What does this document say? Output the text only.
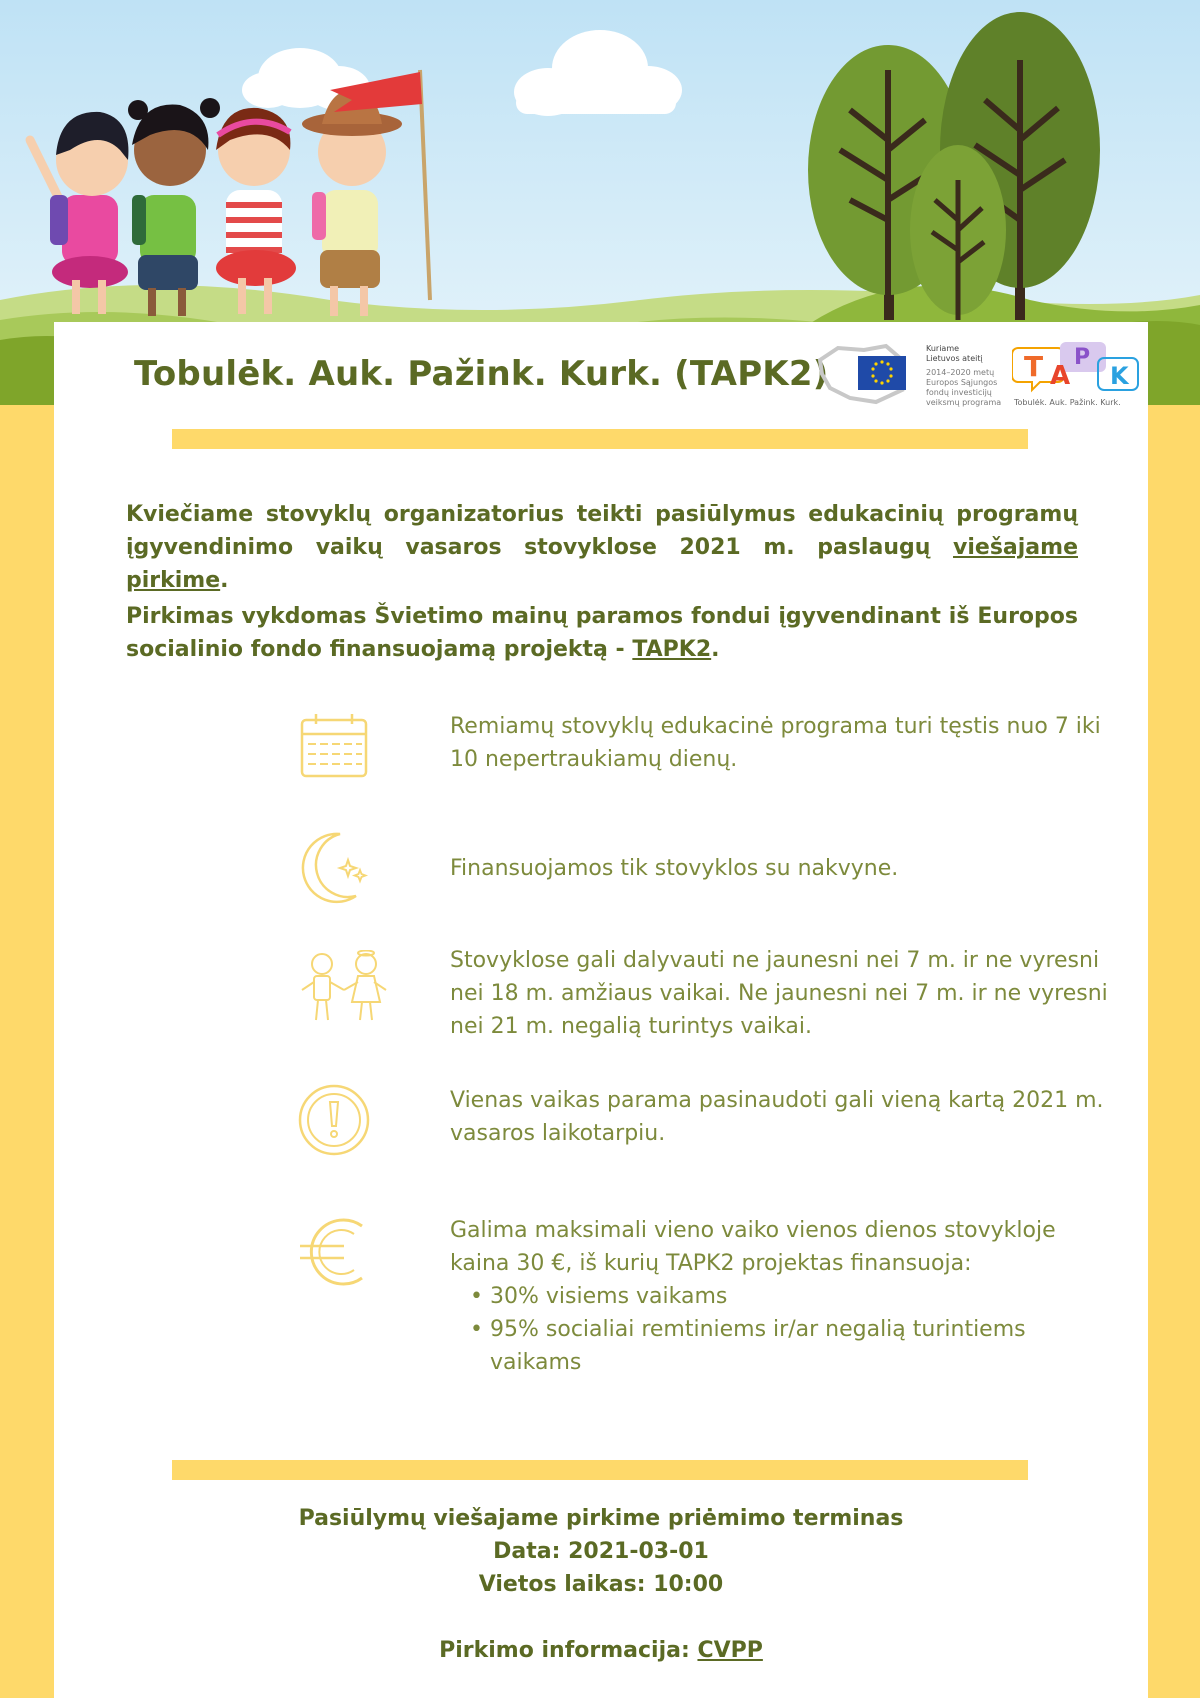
Tobulėk. Auk. Pažink. Kurk. (TAPK2)
Kuriame
Lietuvos ateitį
2014–2020 metų
Europos Sąjungos
fondų investicijų
veiksmų programa
T A
P
K
Tobulėk. Auk. Pažink. Kurk.

Kviečiame stovyklų organizatorius teikti pasiūlymus edukacinių programų įgyvendinimo vaikų vasaros stovyklose 2021 m. paslaugų viešajame pirkime.

Pirkimas vykdomas Švietimo mainų paramos fondui įgyvendinant iš Europos socialinio fondo finansuojamą projektą - TAPK2.

Remiamų stovyklų edukacinė programa turi tęstis nuo 7 iki 10 nepertraukiamų dienų.
Finansuojamos tik stovyklos su nakvyne.
Stovyklose gali dalyvauti ne jaunesni nei 7 m. ir ne vyresni nei 18 m. amžiaus vaikai. Ne jaunesni nei 7 m. ir ne vyresni nei 21 m. negalią turintys vaikai.
Vienas vaikas parama pasinaudoti gali vieną kartą 2021 m. vasaros laikotarpiu.
Galima maksimali vieno vaiko vienos dienos stovykloje kaina 30 €, iš kurių TAPK2 projektas finansuoja:
• 30% visiems vaikams
• 95% socialiai remtiniems ir/ar negalią turintiems vaikams
Pasiūlymų viešajame pirkime priėmimo terminas
Data: 2021-03-01
Vietos laikas: 10:00
Pirkimo informacija: CVPP
